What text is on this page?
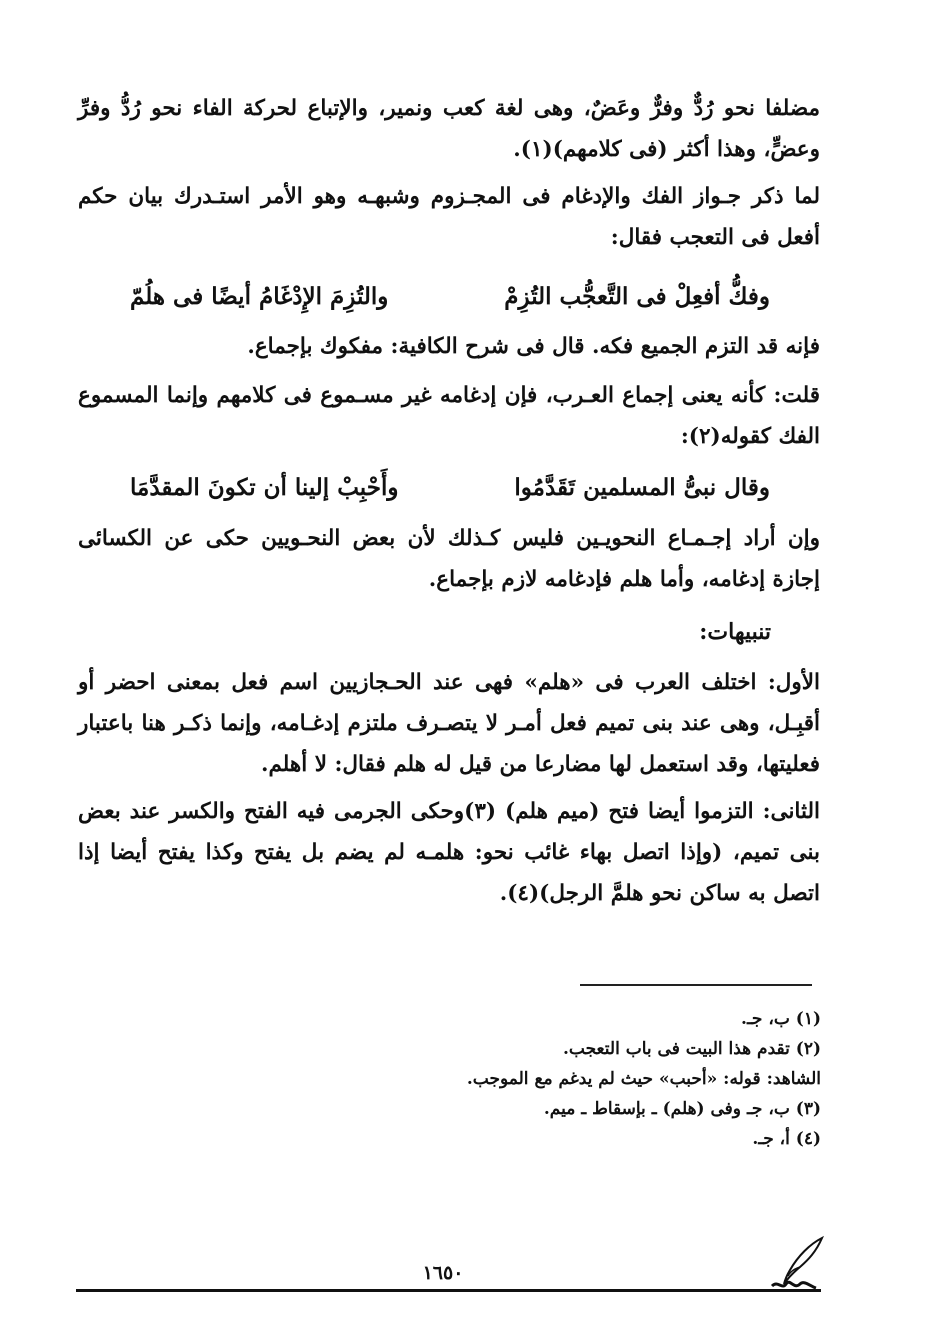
مضلفا نحو رُدٌّ وفرٌّ وعَضٌ، وهى لغة كعب ونمير، والإتباع لحركة الفاء نحو رُدُّ وفرِّ وعضٍّ، وهذا أكثر (فى كلامهم)(١).

لما ذكر جـواز الفك والإدغام فى المجـزوم وشبهـه وهو الأمر استـدرك بيان حكم أفعل فى التعجب فقال:

وفكُّ أفعِلْ فى التَّعجُّب التُزِمْ
والتُزِمَ الإِدْغَامُ أيضًا فى هلُمّ

فإنه قد التزم الجميع فكه. قال فى شرح الكافية: مفكوك بإجماع.

قلت: كأنه يعنى إجماع العـرب، فإن إدغامه غير مسـموع فى كلامهم وإنما المسموع الفك كقوله(٢):

وقال نبىُّ المسلمين تَقَدَّمُوا
وأَحْبِبْ إلينا أن تكونَ المقدَّمَا

وإن أراد إجـمـاع النحويـين فليس كـذلك لأن بعض النحـويين حكى عن الكسائى إجازة إدغامه، وأما هلم فإدغامه لازم بإجماع.

تنبيهات:

الأول: اختلف العرب فى «هلم» فهى عند الحـجازيين اسم فعل بمعنى احضر أو أقبِـل، وهى عند بنى تميم فعل أمـر لا يتصـرف ملتزم إدغـامه، وإنما ذكـر هنا باعتبار فعليتها، وقد استعمل لها مضارعا من قيل له هلم فقال: لا أهلم.

الثانى: التزموا أيضا فتح (ميم هلم) (٣)وحكى الجرمى فيه الفتح والكسر عند بعض بنى تميم، (وإذا اتصل بهاء غائب نحو: هلمـه لم يضم بل يفتح وكذا يفتح أيضا إذا اتصل به ساكن نحو هلمَّ الرجل)(٤).

(١) ب، جـ.
(٢) تقدم هذا البيت فى باب التعجب.
الشاهد: قوله: «أحبب» حيث لم يدغم مع الموجب.
(٣) ب، جـ وفى (هلم) ـ بإسقاط ـ ميم.
(٤) أ، جـ.
١٦٥٠
